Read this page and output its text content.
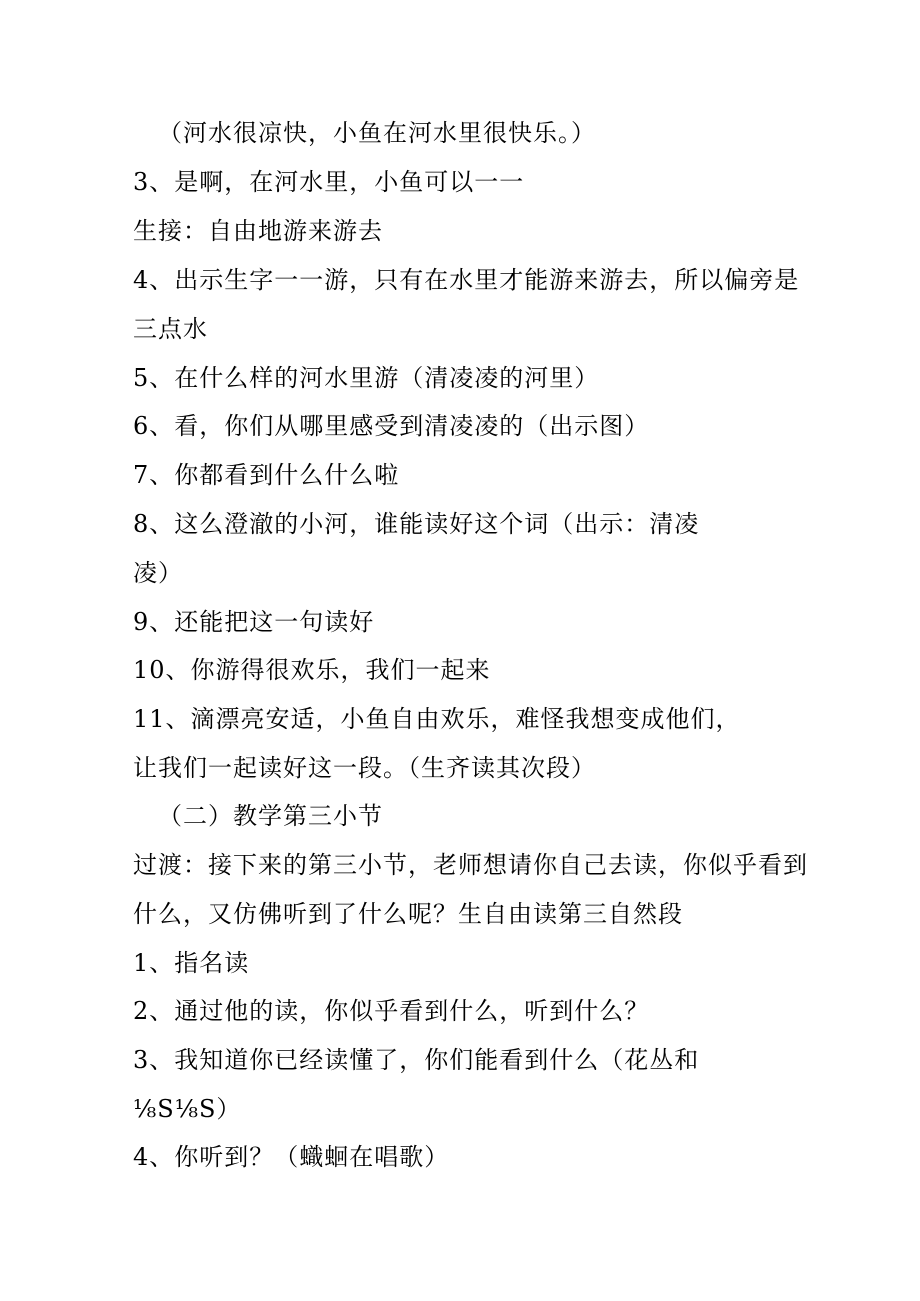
（河水很凉快，小鱼在河水里很快乐。）
3、是啊，在河水里，小鱼可以一一
生接：自由地游来游去
4、出示生字一一游，只有在水里才能游来游去，所以偏旁是
三点水
5、在什么样的河水里游（清凌凌的河里）
6、看，你们从哪里感受到清凌凌的（出示图）
7、你都看到什么什么啦
8、这么澄澈的小河，谁能读好这个词（出示：清凌
凌）
9、还能把这一句读好
10、你游得很欢乐，我们一起来
11、滴漂亮安适，小鱼自由欢乐，难怪我想变成他们，
让我们一起读好这一段。（生齐读其次段）
（二）教学第三小节
过渡：接下来的第三小节，老师想请你自己去读，你似乎看到
什么，又仿佛听到了什么呢？生自由读第三自然段
1、指名读
2、通过他的读，你似乎看到什么，听到什么？
3、我知道你已经读懂了，你们能看到什么（花丛和
⅛S⅛S）
4、你听到？（蟙蛔在唱歌）
